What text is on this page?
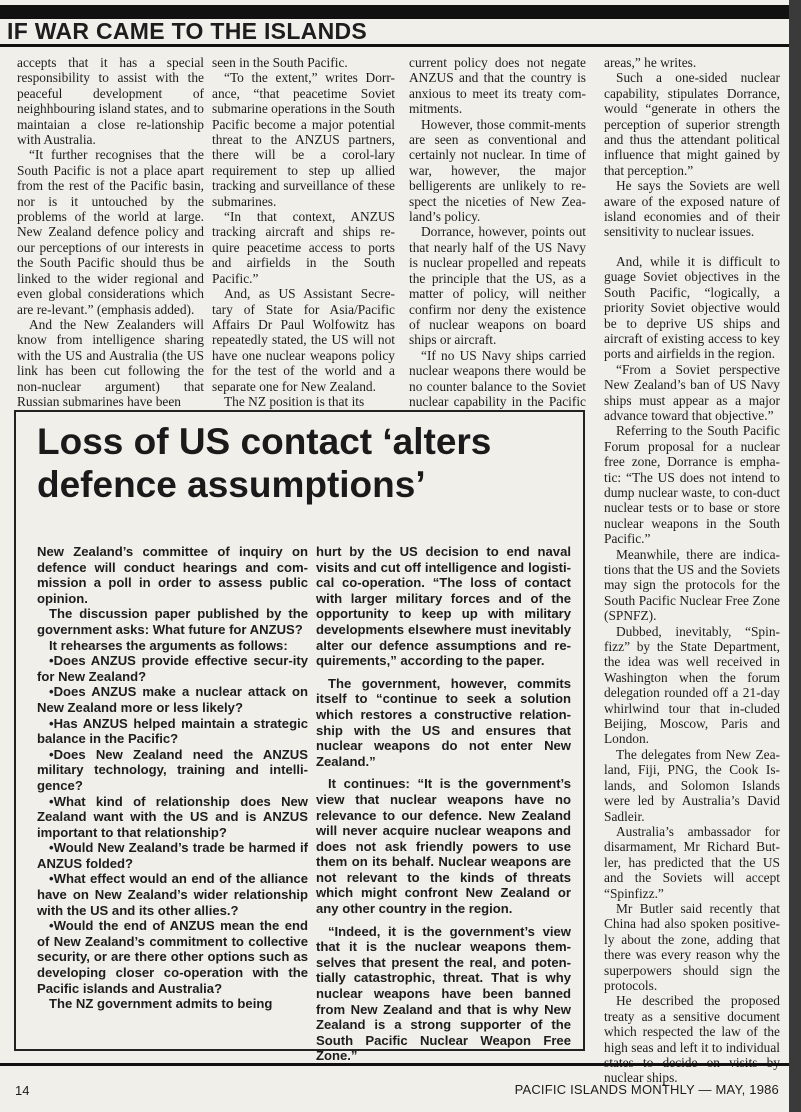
IF WAR CAME TO THE ISLANDS

accepts that it has a special responsibility to assist with the peaceful development of neighhbouring island states, and to maintaian a close re-lationship with Australia.

“It further recognises that the South Pacific is not a place apart from the rest of the Pacific basin, nor is it untouched by the problems of the world at large. New Zealand defence policy and our perceptions of our interests in the South Pacific should thus be linked to the wider regional and even global considerations which are re-levant.” (emphasis added).

And the New Zealanders will know from intelligence sharing with the US and Australia (the US link has been cut following the non-nuclear argument) that Russian submarines have been

seen in the South Pacific.

“To the extent,” writes Dorr-ance, “that peacetime Soviet submarine operations in the South Pacific become a major potential threat to the ANZUS partners, there will be a corol-lary requirement to step up allied tracking and surveillance of these submarines.

“In that context, ANZUS tracking aircraft and ships re-quire peacetime access to ports and airfields in the South Pacific.”

And, as US Assistant Secre-tary of State for Asia/Pacific Affairs Dr Paul Wolfowitz has repeatedly stated, the US will not have one nuclear weapons policy for the test of the world and a separate one for New Zealand.

The NZ position is that its

current policy does not negate ANZUS and that the country is anxious to meet its treaty com-mitments.

However, those commit-ments are seen as conventional and certainly not nuclear. In time of war, however, the major belligerents are unlikely to re-spect the niceties of New Zea-land’s policy.

Dorrance, however, points out that nearly half of the US Navy is nuclear propelled and repeats the principle that the US, as a matter of policy, will neither confirm nor deny the existence of nuclear weapons on board ships or aircraft.

“If no US Navy ships carried nuclear weapons there would be no counter balance to the Soviet nuclear capability in the Pacific

areas,” he writes.

Such a one-sided nuclear capability, stipulates Dorrance, would “generate in others the perception of superior strength and thus the attendant political influence that might gained by that perception.”

He says the Soviets are well aware of the exposed nature of island economies and of their sensitivity to nuclear issues.

And, while it is difficult to guage Soviet objectives in the South Pacific, “logically, a priority Soviet objective would be to deprive US ships and aircraft of existing access to key ports and airfields in the region.

“From a Soviet perspective New Zealand’s ban of US Navy ships must appear as a major advance toward that objective.”

Referring to the South Pacific Forum proposal for a nuclear free zone, Dorrance is empha-tic: “The US does not intend to dump nuclear waste, to con-duct nuclear tests or to base or store nuclear weapons in the South Pacific.”

Meanwhile, there are indica-tions that the US and the Soviets may sign the protocols for the South Pacific Nuclear Free Zone (SPNFZ).

Dubbed, inevitably, “Spin-fizz” by the State Department, the idea was well received in Washington when the forum delegation rounded off a 21-day whirlwind tour that in-cluded Beijing, Moscow, Paris and London.

The delegates from New Zea-land, Fiji, PNG, the Cook Is-lands, and Solomon Islands were led by Australia’s David Sadleir.

Australia’s ambassador for disarmament, Mr Richard But-ler, has predicted that the US and the Soviets will accept “Spinfizz.”

Mr Butler said recently that China had also spoken positive-ly about the zone, adding that there was every reason why the superpowers should sign the protocols.

He described the proposed treaty as a sensitive document which respected the law of the high seas and left it to individual nuclear ships.

Loss of US contact ‘alters defence assumptions’

New Zealand’s committee of inquiry on defence will conduct hearings and com-mission a poll in order to assess public opinion.

The discussion paper published by the government asks: What future for ANZUS?

It rehearses the arguments as follows:

•Does ANZUS provide effective secur-ity for New Zealand?

•Does ANZUS make a nuclear attack on New Zealand more or less likely?

•Has ANZUS helped maintain a strategic balance in the Pacific?

•Does New Zealand need the ANZUS military technology, training and intelli-gence?

•What kind of relationship does New Zealand want with the US and is ANZUS important to that relationship?

•Would New Zealand’s trade be harmed if ANZUS folded?

•What effect would an end of the alliance have on New Zealand’s wider relationship with the US and its other allies.?

•Would the end of ANZUS mean the end of New Zealand’s commitment to collective security, or are there other options such as developing closer co-operation with the Pacific islands and Australia?

The NZ government admits to being

hurt by the US decision to end naval visits and cut off intelligence and logisti-cal co-operation. “The loss of contact with larger military forces and of the opportunity to keep up with military developments elsewhere must inevitably alter our defence assumptions and re-quirements,” according to the paper.

The government, however, commits itself to “continue to seek a solution which restores a constructive relation-ship with the US and ensures that nuclear weapons do not enter New Zealand.”

It continues: “It is the government’s view that nuclear weapons have no relevance to our defence. New Zealand will never acquire nuclear weapons and does not ask friendly powers to use them on its behalf. Nuclear weapons are not relevant to the kinds of threats which might confront New Zealand or any other country in the region.

“Indeed, it is the government’s view that it is the nuclear weapons them-selves that present the real, and poten-tially catastrophic, threat. That is why nuclear weapons have been banned from New Zealand and that is why New Zealand is a strong supporter of the South Pacific Nuclear Weapon Free Zone.”

14	PACIFIC ISLANDS MONTHLY — MAY, 1986
